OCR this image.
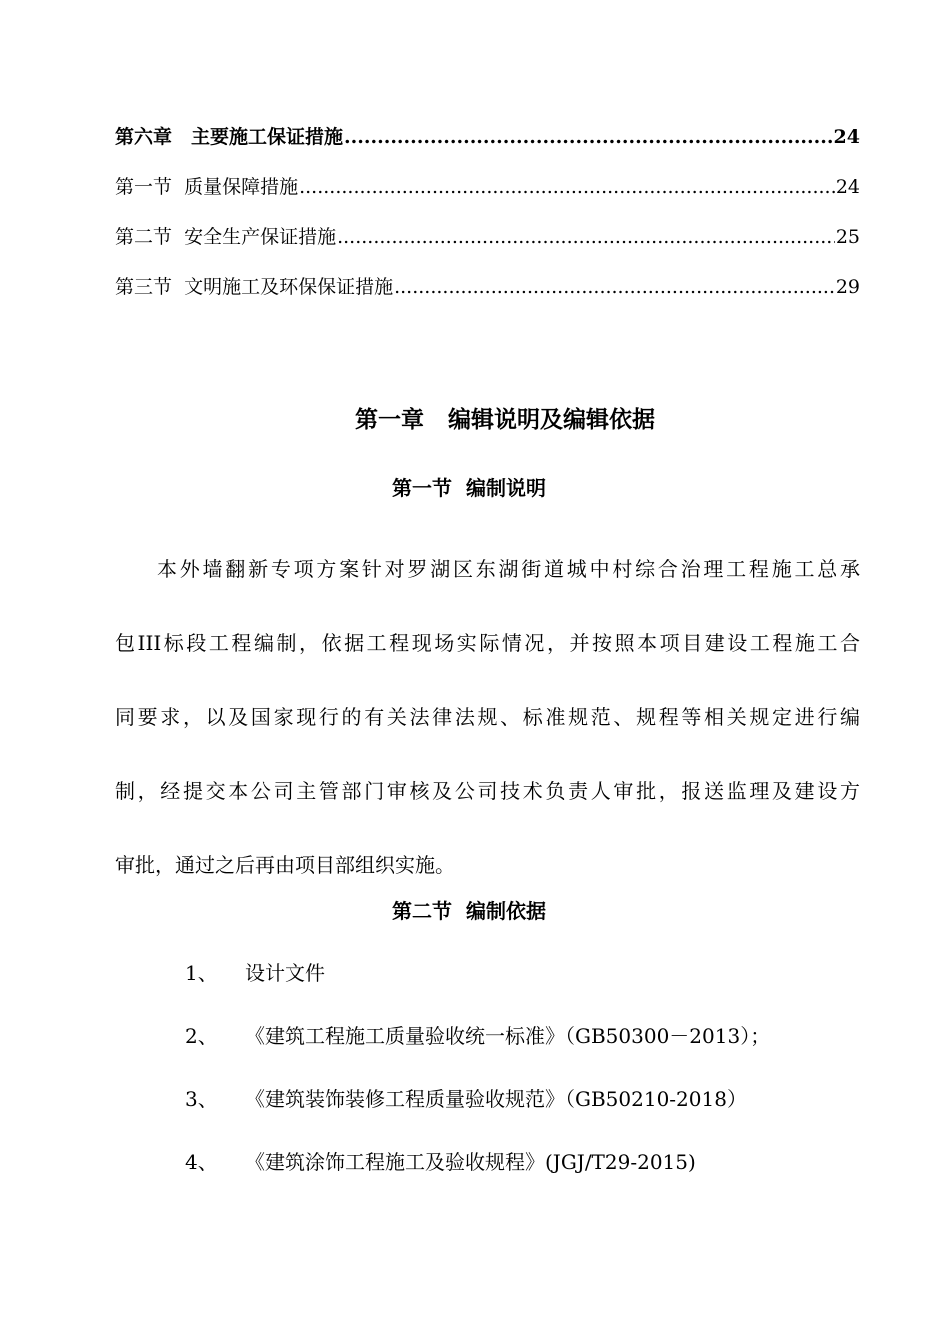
第六章　主要施工保证措施 .....	24
第一节  质量保障措施 .....	24
第二节  安全生产保证措施 .....	25
第三节  文明施工及环保保证措施 .....	29
第一章   编辑说明及编辑依据
第一节  编制说明

本外墙翻新专项方案针对罗湖区东湖街道城中村综合治理工程施工总承
包III标段工程编制，依据工程现场实际情况，并按照本项目建设工程施工合
同要求，以及国家现行的有关法律法规、标准规范、规程等相关规定进行编
制，经提交本公司主管部门审核及公司技术负责人审批，报送监理及建设方
审批，通过之后再由项目部组织实施。

第二节  编制依据
1、	设计文件
2、	《建筑工程施工质量验收统一标准》（GB50300－2013）；
3、	《建筑装饰装修工程质量验收规范》（GB50210-2018）
4、	《建筑涂饰工程施工及验收规程》(JGJ/T29-2015)
